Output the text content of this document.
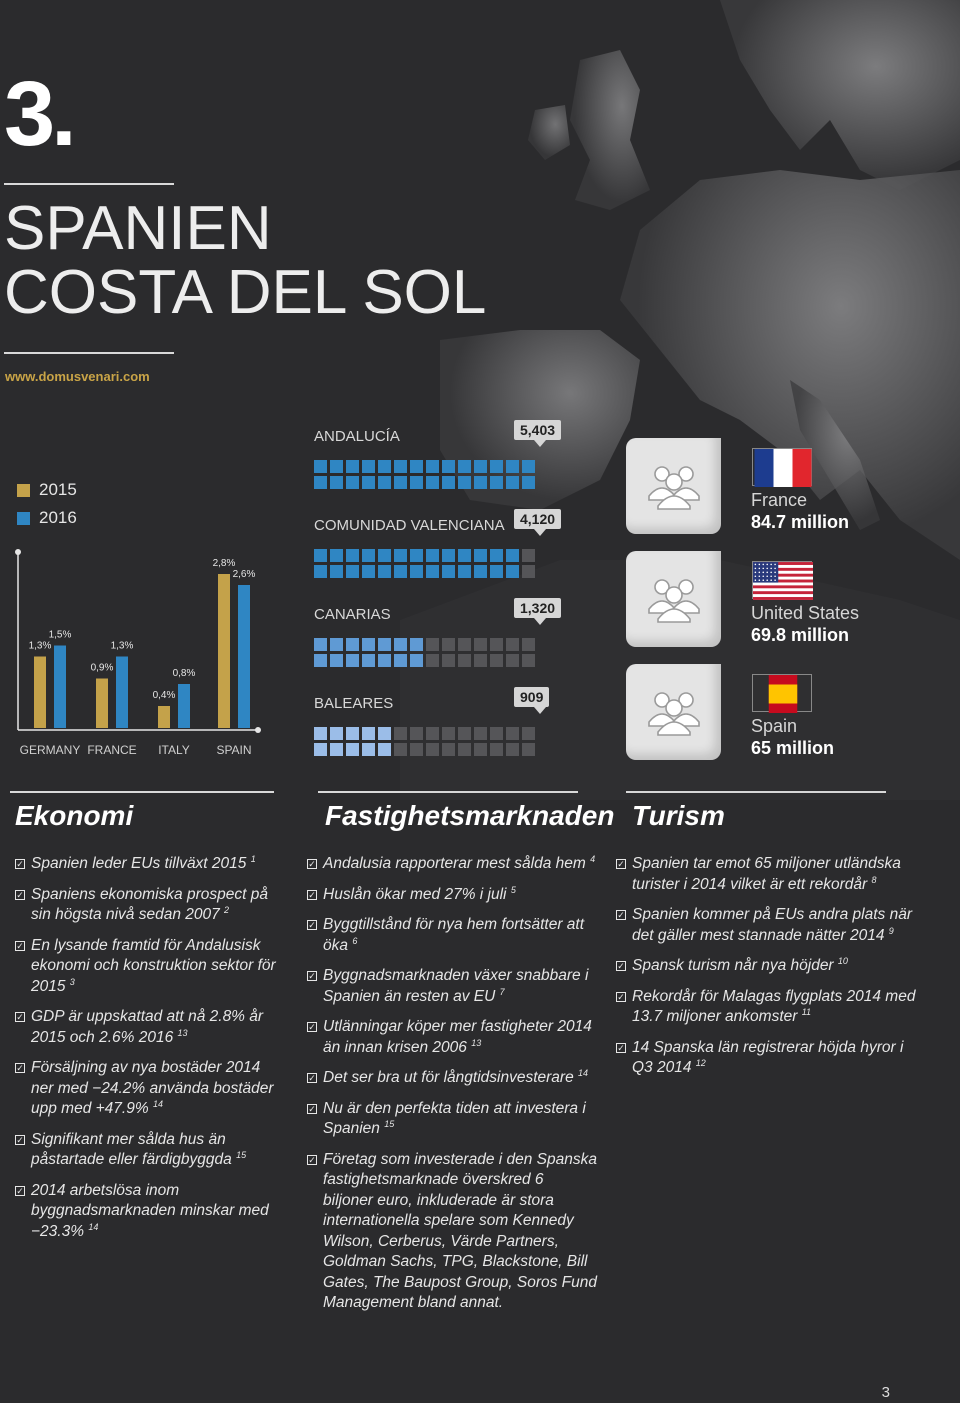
3.
SPANIEN
COSTA DEL SOL
www.domusvenari.com
2015
2016
1,3%
1,5%
GERMANY
0,9%
1,3%
FRANCE
0,4%
0,8%
ITALY
2,8%
2,6%
SPAIN
ANDALUCÍA	5,403
COMUNIDAD VALENCIANA	4,120
CANARIAS	1,320
BALEARES	909
France
84.7 million
United States
69.8 million
Spain
65 million
Ekonomi
✓ Spanien leder EUs tillväxt 2015 $^1$
✓ Spaniens ekonomiska prospect på sin högsta nivå sedan 2007 $^2$
✓ En lysande framtid för Andalusisk ekonomi och konstruktion sektor för 2015 $^3$
✓ GDP är uppskattad att nå 2.8% år 2015 och 2.6% 2016 $^{13}$
✓ Försäljning av nya bostäder 2014 ner med −24.2% använda bostäder upp med +47.9% $^{14}$
✓ Signifikant mer sålda hus än påstartade eller färdigbyggda $^{15}$
✓ 2014 arbetslösa inom byggnadsmarknaden minskar med −23.3% $^{14}$
Fastighetsmarknaden
✓ Andalusia rapporterar mest sålda hem $^4$
✓ Huslån ökar med 27% i juli $^5$
✓ Byggtillstånd för nya hem fortsätter att öka $^6$
✓ Byggnadsmarknaden växer snabbare i Spanien än resten av EU $^7$
✓ Utlänningar köper mer fastigheter 2014 än innan krisen 2006 $^{13}$
✓ Det ser bra ut för långtidsinvesterare $^{14}$
✓ Nu är den perfekta tiden att investera i Spanien $^{15}$
✓ Företag som investerade i den Spanska fastighetsmarknade överskred 6 biljoner euro, inkluderade är stora internationella spelare som Kennedy Wilson, Cerberus, Värde Partners, Goldman Sachs, TPG, Blackstone, Bill Gates, The Baupost Group, Soros Fund Management bland annat.
Turism
✓ Spanien tar emot 65 miljoner utländska turister i 2014 vilket är ett rekordår $^8$
✓ Spanien kommer på EUs andra plats när det gäller mest stannade nätter 2014 $^9$
✓ Spansk turism når nya höjder $^{10}$
✓ Rekordår för Malagas flygplats 2014 med 13.7 miljoner ankomster $^{11}$
✓ 14 Spanska län registrerar höjda hyror i Q3 2014 $^{12}$
3
